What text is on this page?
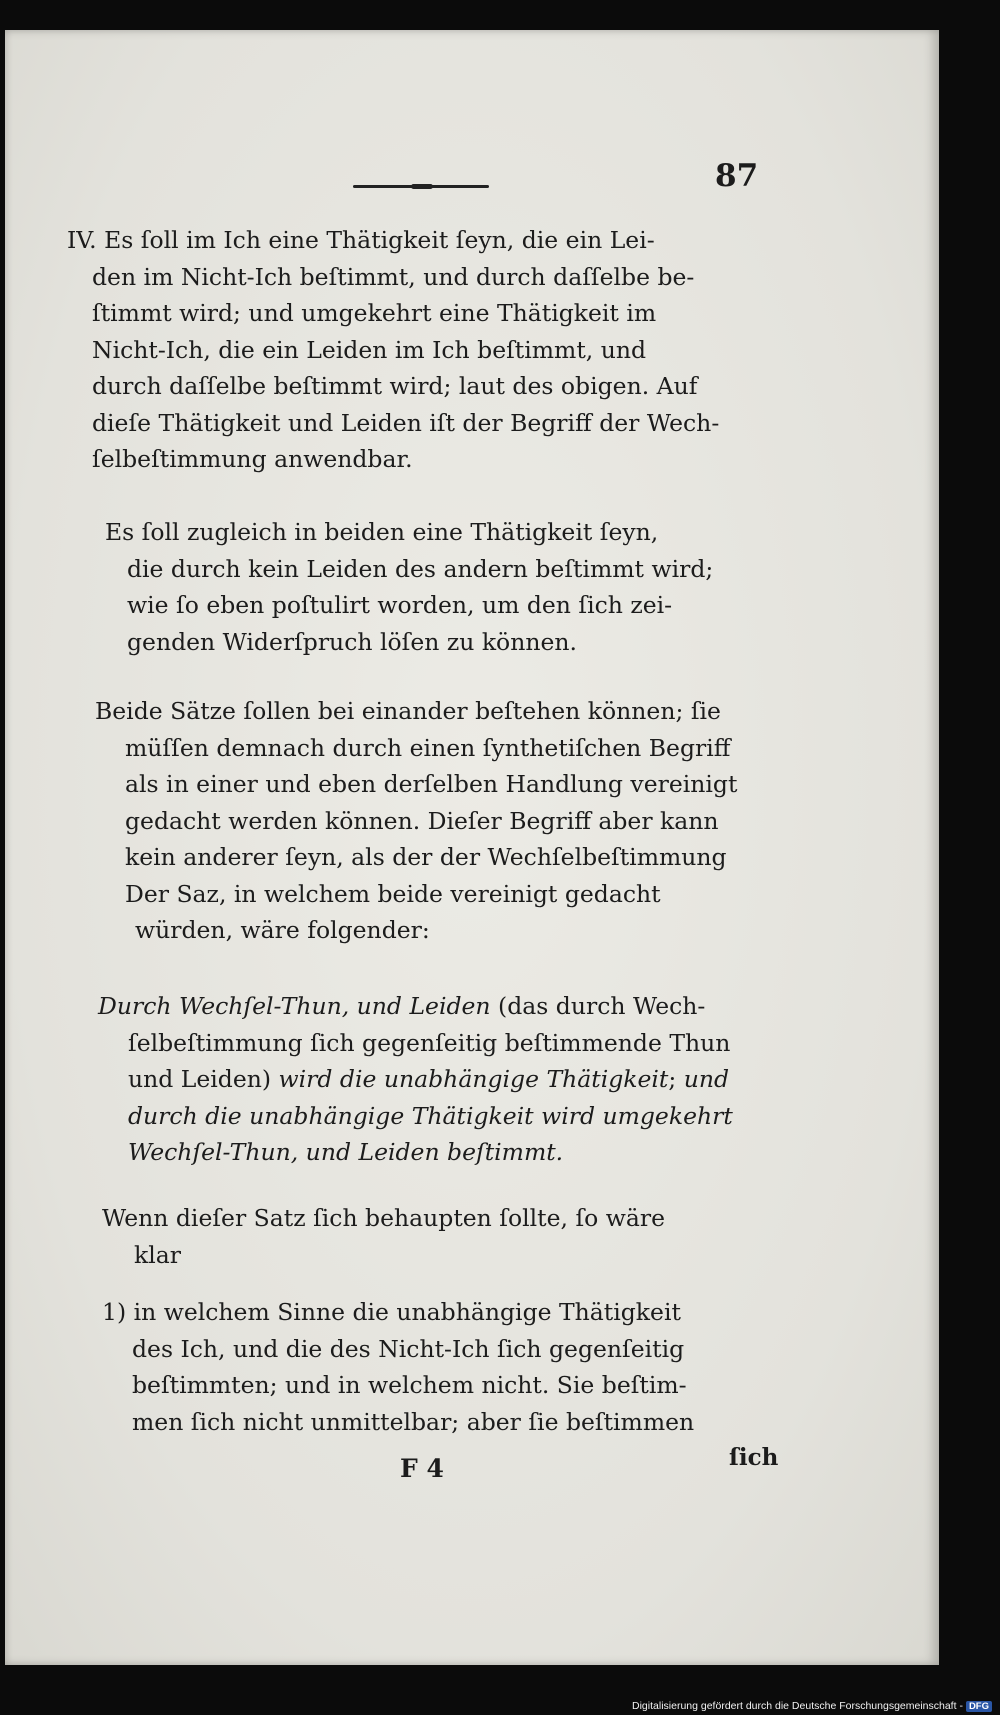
87
IV. Es ſoll im Ich eine Thätigkeit ſeyn, die ein Lei-
den im Nicht-Ich beſtimmt, und durch daſſelbe be-
ſtimmt wird; und umgekehrt eine Thätigkeit im
Nicht-Ich, die ein Leiden im Ich beſtimmt, und
durch daſſelbe beſtimmt wird; laut des obigen. Auf
dieſe Thätigkeit und Leiden iſt der Begriff der Wech-
ſelbeſtimmung anwendbar.
Es ſoll zugleich in beiden eine Thätigkeit ſeyn,
die durch kein Leiden des andern beſtimmt wird;
wie ſo eben poſtulirt worden, um den ſich zei-
genden Widerſpruch löſen zu können.
Beide Sätze ſollen bei einander beſtehen können; ſie
müſſen demnach durch einen ſynthetiſchen Begriff
als in einer und eben derſelben Handlung vereinigt
gedacht werden können. Dieſer Begriff aber kann
kein anderer ſeyn, als der der Wechſelbeſtimmung
Der Saz, in welchem beide vereinigt gedacht
würden, wäre folgender:
Durch Wechſel-Thun, und Leiden (das durch Wech-
ſelbeſtimmung ſich gegenſeitig beſtimmende Thun
und Leiden) wird die unabhängige Thätigkeit; und
durch die unabhängige Thätigkeit wird umgekehrt
Wechſel-Thun, und Leiden beſtimmt.
Wenn dieſer Satz ſich behaupten ſollte, ſo wäre
klar
1) in welchem Sinne die unabhängige Thätigkeit
des Ich, und die des Nicht-Ich ſich gegenſeitig
beſtimmten; und in welchem nicht. Sie beſtim-
men ſich nicht unmittelbar; aber ſie beſtimmen
F 4	ſich
Digitalisierung gefördert durch die Deutsche Forschungsgemeinschaft - DFG
